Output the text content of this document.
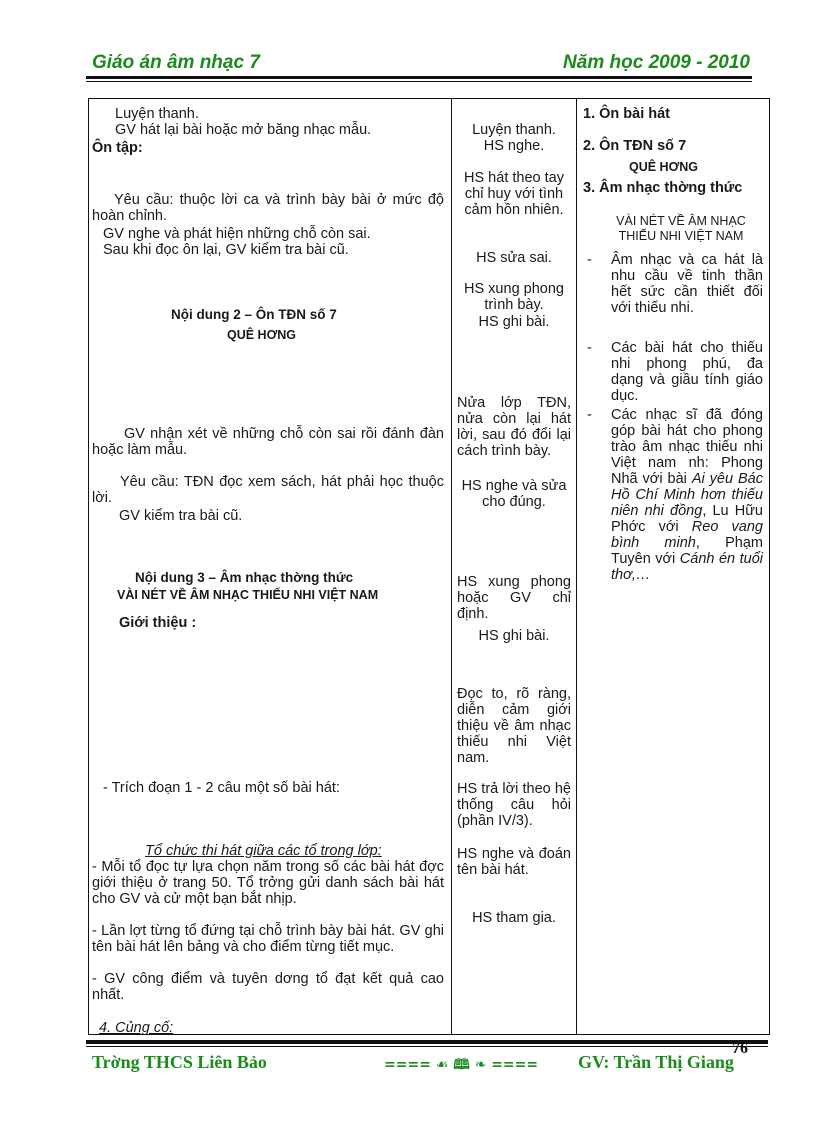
Giáo án âm nhạc 7	Năm học 2009 - 2010
Luyện thanh.
GV hát lại bài hoặc mở băng nhạc mẫu.
Ôn tập:
Yêu cầu: thuộc lời ca và trình bày bài ở mức độ hoàn chỉnh.
GV nghe và phát hiện những chỗ còn sai.
Sau khi đọc ôn lại, GV kiểm tra bài cũ.
Nội dung 2 – Ôn TĐN số 7
QUÊ HƠNG
GV nhận xét về những chỗ còn sai rồi đánh đàn hoặc làm mẫu.
Yêu cầu: TĐN đọc xem sách, hát phải học thuộc lời.
GV kiểm tra bài cũ.
Nội dung 3 – Âm nhạc thờng thức
VÀI NÉT VỀ ÂM NHẠC THIẾU NHI VIỆT NAM
Giới thiệu :
- Trích đoạn 1 - 2 câu một số bài hát:
Tổ chức thi hát giữa các tổ trong lớp:
- Mỗi tổ đọc tự lựa chọn năm trong số các bài hát đợc giới thiệu ở trang 50. Tổ trởng gửi danh sách bài hát cho GV và cử một bạn bắt nhịp.
- Lần lợt từng tổ đứng tại chỗ trình bày bài hát. GV ghi tên bài hát lên bảng và cho điểm từng tiết mục.
- GV công điểm và tuyên dơng tổ đạt kết quả cao nhất.
4. Củng cố:
Luyện thanh.
HS nghe.
HS hát theo tay chỉ huy với tình cảm hồn nhiên.
HS sửa sai.
HS xung phong trình bày.
HS ghi bài.
Nửa lớp TĐN, nửa còn lại hát lời, sau đó đổi lại cách trình bày.
HS nghe và sửa cho đúng.
HS xung phong hoặc GV chỉ định.
HS ghi bài.
Đọc to, rõ ràng, diễn cảm giới thiệu về âm nhạc thiếu nhi Việt nam.
HS trả lời theo hệ thống câu hỏi (phần IV/3).
HS nghe và đoán tên bài hát.
HS tham gia.
1. Ôn bài hát
2. Ôn TĐN số 7
QUÊ HƠNG
3. Âm nhạc thờng thức
VÀI NÉT VỀ ÂM NHẠC THIẾU NHI VIỆT NAM
- Âm nhạc và ca hát là nhu cầu về tinh thần hết sức cần thiết đối với thiếu nhi.
- Các bài hát cho thiếu nhi phong phú, đa dạng và giầu tính giáo dục.
- Các nhạc sĩ đã đóng góp bài hát cho phong trào âm nhạc thiếu nhi Việt nam nh: Phong Nhã với bài Ai yêu Bác Hồ Chí Minh hơn thiếu niên nhi đồng, Lu Hữu Phớc với Reo vang bình minh, Phạm Tuyên với Cánh én tuổi thơ,…
76
Trờng THCS Liên Bảo	==== ☙ 🕮 ❧ ==== GV: Trần Thị Giang
